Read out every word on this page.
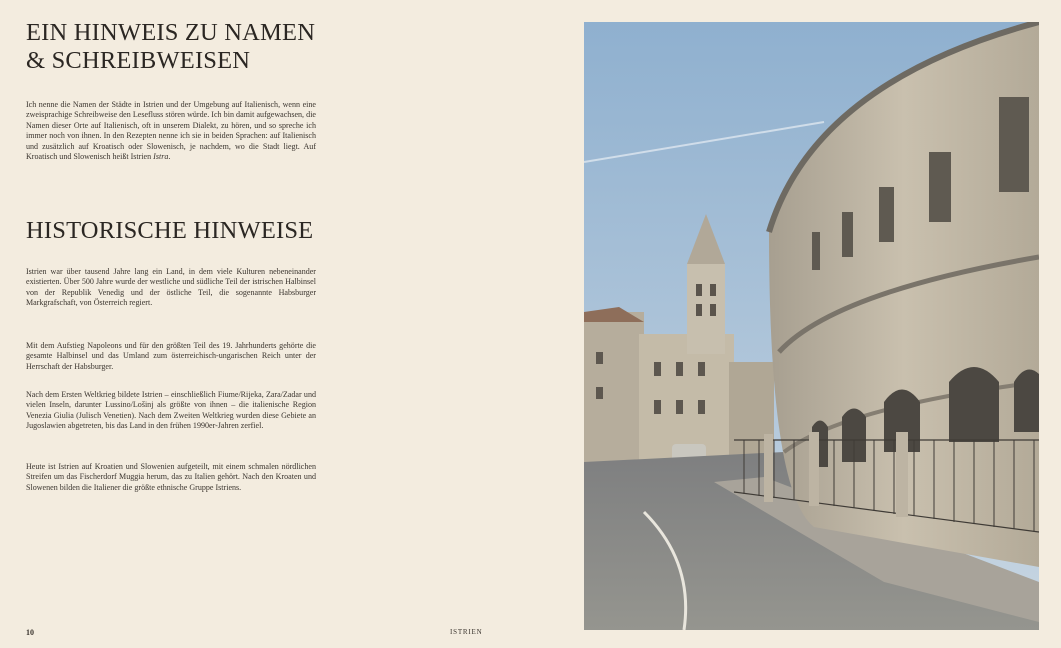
EIN HINWEIS ZU NAMEN
& SCHREIBWEISEN

Ich nenne die Namen der Städte in Istrien und der Umgebung auf Italienisch, wenn eine zweisprachige Schreibweise den Lesefluss stören würde. Ich bin damit aufgewachsen, die Namen dieser Orte auf Italienisch, oft in unserem Dialekt, zu hören, und so spreche ich immer noch von ihnen. In den Rezepten nenne ich sie in beiden Sprachen: auf Italienisch und zusätzlich auf Kroatisch oder Slowenisch, je nachdem, wo die Stadt liegt. Auf Kroatisch und Slowenisch heißt Istrien Istra.

HISTORISCHE HINWEISE

Istrien war über tausend Jahre lang ein Land, in dem viele Kulturen nebeneinander existierten. Über 500 Jahre wurde der westliche und südliche Teil der istrischen Halbinsel von der Republik Venedig und der östliche Teil, die sogenannte Habsburger Markgrafschaft, von Österreich regiert.

Mit dem Aufstieg Napoleons und für den größten Teil des 19. Jahrhunderts gehörte die gesamte Halbinsel und das Umland zum österreichisch-ungarischen Reich unter der Herrschaft der Habsburger.

Nach dem Ersten Weltkrieg bildete Istrien – einschließlich Fiume/Rijeka, Zara/Zadar und vielen Inseln, darunter Lussino/Lošinj als größte von ihnen – die italienische Region Venezia Giulia (Julisch Venetien). Nach dem Zweiten Weltkrieg wurden diese Gebiete an Jugoslawien abgetreten, bis das Land in den frühen 1990er-Jahren zerfiel.

Heute ist Istrien auf Kroatien und Slowenien aufgeteilt, mit einem schmalen nördlichen Streifen um das Fischerdorf Muggia herum, das zu Italien gehört. Nach den Kroaten und Slowenen bilden die Italiener die größte ethnische Gruppe Istriens.

10	ISTRIEN
